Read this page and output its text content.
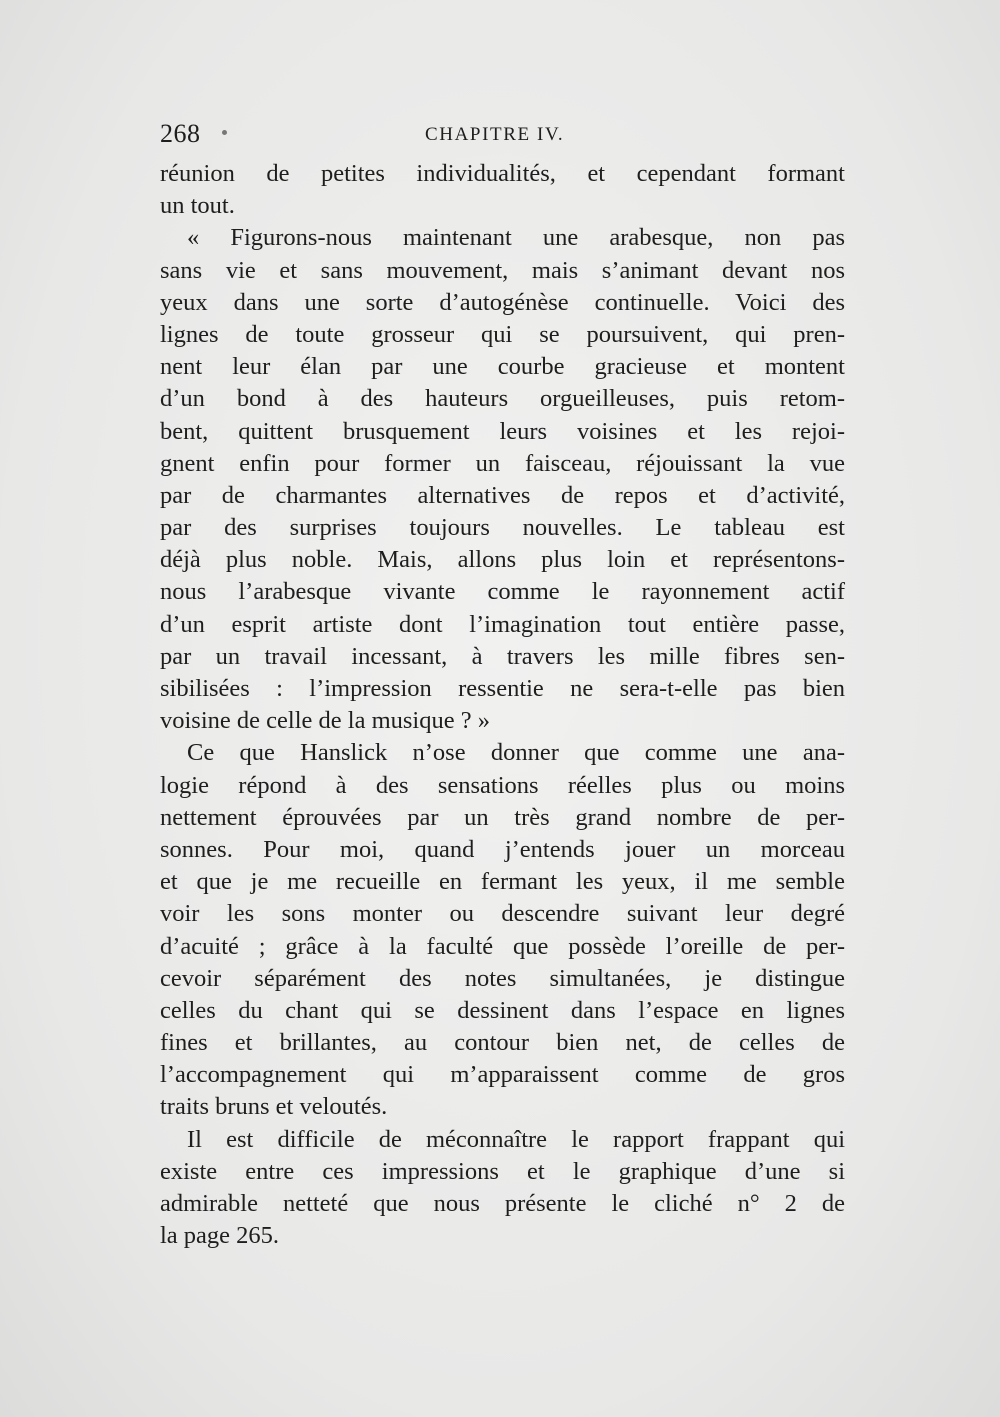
268	CHAPITRE IV.
réunion de petites individualités, et cependant formant
un tout.
« Figurons-nous maintenant une arabesque, non pas
sans vie et sans mouvement, mais s’animant devant nos
yeux dans une sorte d’autogénèse continuelle. Voici des
lignes de toute grosseur qui se poursuivent, qui pren-
nent leur élan par une courbe gracieuse et montent
d’un bond à des hauteurs orgueilleuses, puis retom-
bent, quittent brusquement leurs voisines et les rejoi-
gnent enfin pour former un faisceau, réjouissant la vue
par de charmantes alternatives de repos et d’activité,
par des surprises toujours nouvelles. Le tableau est
déjà plus noble. Mais, allons plus loin et représentons-
nous l’arabesque vivante comme le rayonnement actif
d’un esprit artiste dont l’imagination tout entière passe,
par un travail incessant, à travers les mille fibres sen-
sibilisées : l’impression ressentie ne sera-t-elle pas bien
voisine de celle de la musique ? »
Ce que Hanslick n’ose donner que comme une ana-
logie répond à des sensations réelles plus ou moins
nettement éprouvées par un très grand nombre de per-
sonnes. Pour moi, quand j’entends jouer un morceau
et que je me recueille en fermant les yeux, il me semble
voir les sons monter ou descendre suivant leur degré
d’acuité ; grâce à la faculté que possède l’oreille de per-
cevoir séparément des notes simultanées, je distingue
celles du chant qui se dessinent dans l’espace en lignes
fines et brillantes, au contour bien net, de celles de
l’accompagnement qui m’apparaissent comme de gros
traits bruns et veloutés.
Il est difficile de méconnaître le rapport frappant qui
existe entre ces impressions et le graphique d’une si
admirable netteté que nous présente le cliché n° 2 de
la page 265.
